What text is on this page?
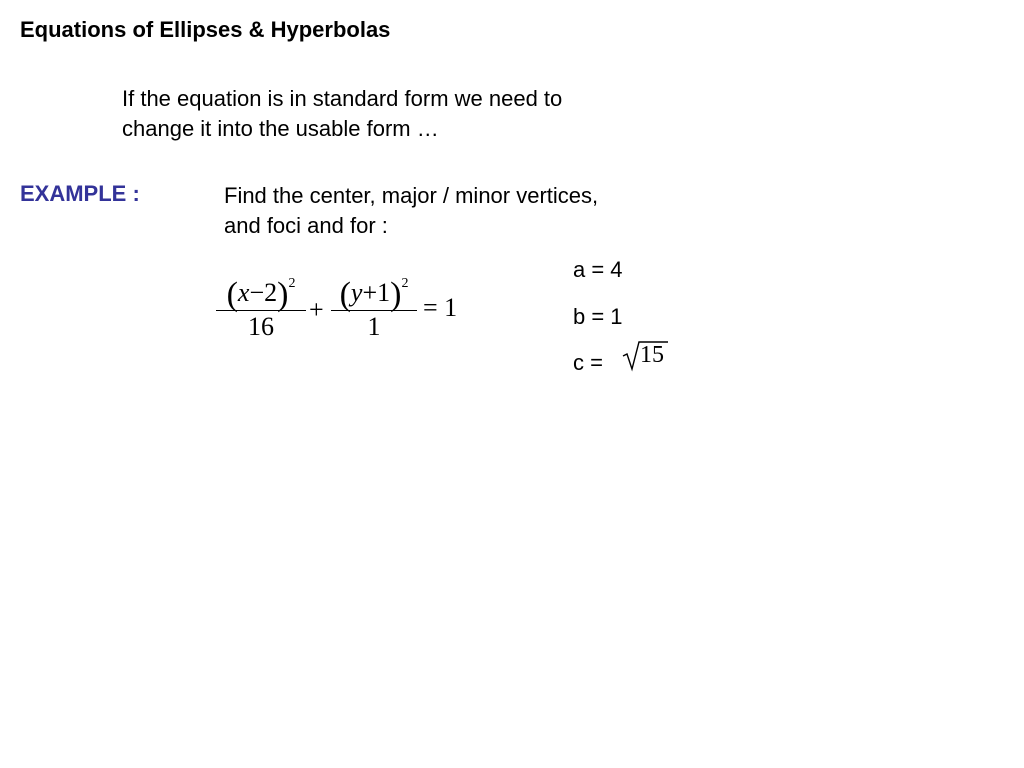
Equations of Ellipses & Hyperbolas
If the equation is in standard form we need to
change it into the usable form …
EXAMPLE :	Find the center, major / minor vertices,
and foci and for :
$(x-2)^2$
16
+ $(y+1)^2$
1
= 1
a = 4
b = 1
c = 15
